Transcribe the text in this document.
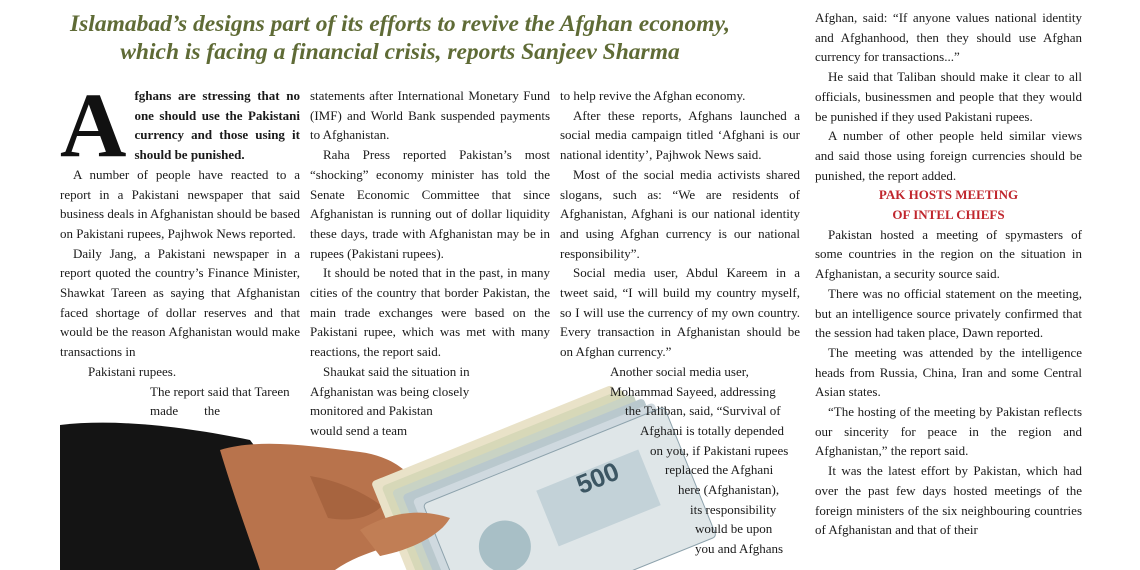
Islamabad’s designs part of its efforts to revive the Afghan economy,
which is facing a financial crisis, reports Sanjeev Sharma
500
A fghans are stressing that no one should use the Pakistani currency and those using it should be punished.

A number of people have reacted to a report in a Pakistani newspaper that said business deals in Afghanistan should be based on Pakistani rupees, Pajhwok News reported.

Daily Jang, a Pakistani newspaper in a report quoted the country’s Finance Minister, Shawkat Tareen as saying that Afghanistan faced shortage of dollar reserves and that would be the reason Afghanistan would make transactions in

Pakistani rupees.

The report said that Tareen

made        the

statements after International Monetary Fund (IMF) and World Bank suspended payments to Afghanistan.

Raha Press reported Pakistan’s most “shocking” economy minister has told the Senate Economic Committee that since Afghanistan is running out of dollar liquidity these days, trade with Afghanistan may be in rupees (Pakistani rupees).

It should be noted that in the past, in many cities of the country that border Pakistan, the main trade exchanges were based on the Pakistani rupee, which was met with many reactions, the report said.

Shaukat said the situation in

Afghanistan was being closely

monitored and Pakistan

would send a team

to help revive the Afghan economy.

After these reports, Afghans launched a social media campaign titled ‘Afghani is our national identity’, Pajhwok News said.

Most of the social media activists shared slogans, such as: “We are residents of Afghanistan, Afghani is our national identity and using Afghan currency is our national responsibility”.

Social media user, Abdul Kareem in a tweet said, “I will build my country myself, so I will use the currency of my own country. Every transaction in Afghanistan should be on Afghan currency.”

Another social media user,

Mohammad Sayeed, addressing

the Taliban, said, “Survival of

Afghani is totally depended

on you, if Pakistani rupees

replaced the Afghani

here (Afghanistan),

its responsibility

would be upon

you and Afghans

Afghan, said: “If anyone values national identity and Afghanhood, then they should use Afghan currency for transactions...”

He said that Taliban should make it clear to all officials, businessmen and people that they would be punished if they used Pakistani rupees.

A number of other people held similar views and said those using foreign currencies should be punished, the report added.

PAK HOSTS MEETING
OF INTEL CHIEFS

Pakistan hosted a meeting of spymasters of some countries in the region on the situation in Afghanistan, a security source said.

There was no official statement on the meeting, but an intelligence source privately confirmed that the session had taken place, Dawn reported.

The meeting was attended by the intelligence heads from Russia, China, Iran and some Central Asian states.

“The hosting of the meeting by Pakistan reflects our sincerity for peace in the region and Afghanistan,” the report said.

It was the latest effort by Pakistan, which had over the past few days hosted meetings of the foreign ministers of the six neighbouring countries of Afghanistan and that of their
